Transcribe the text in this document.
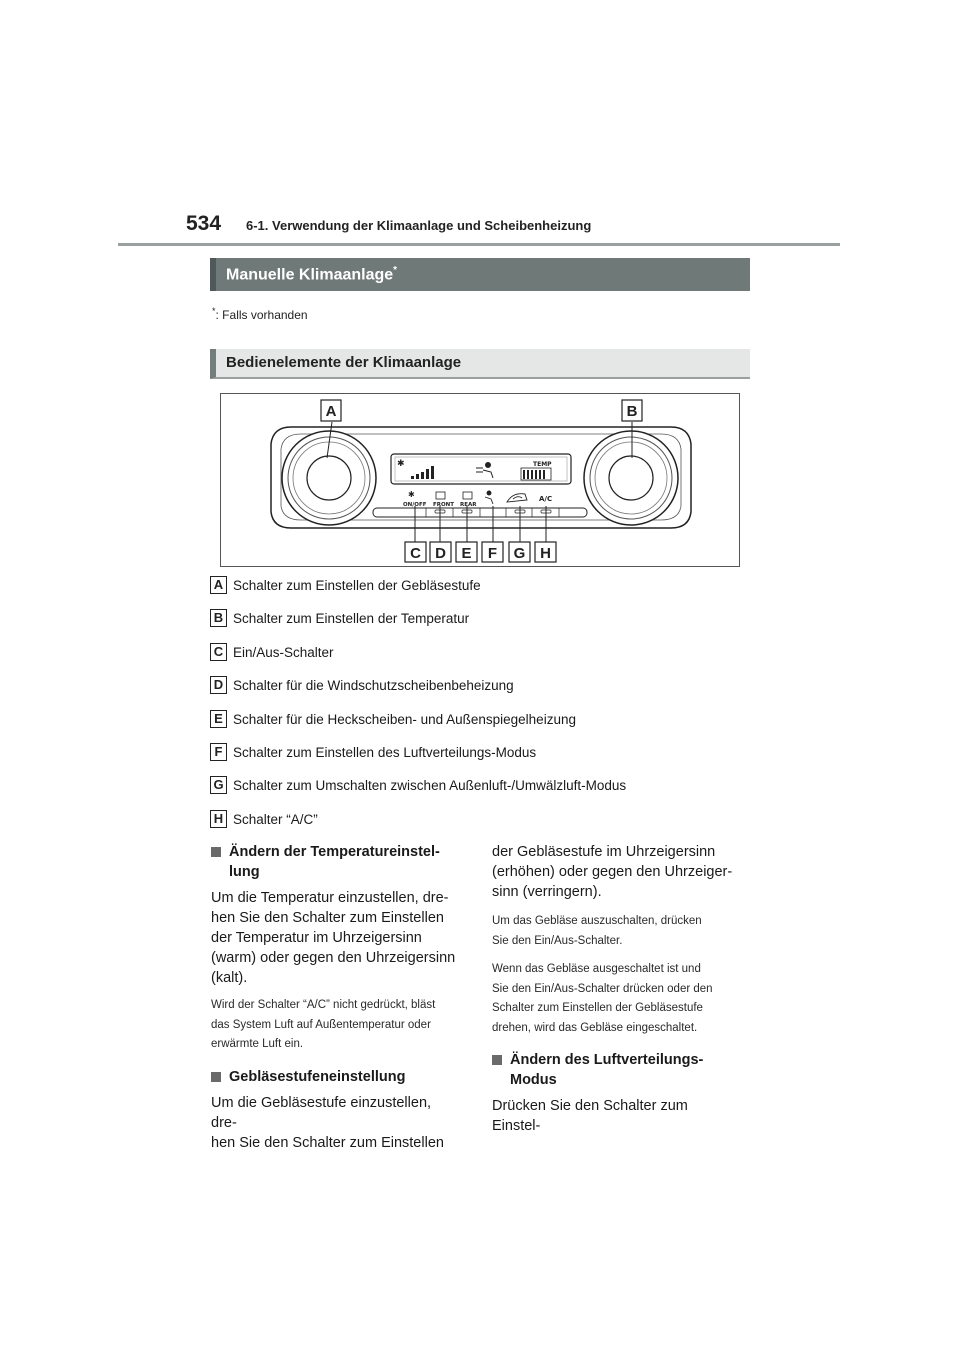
534 6-1. Verwendung der Klimaanlage und Scheibenheizung
Manuelle Klimaanlage*
*: Falls vorhanden
Bedienelemente der Klimaanlage
✱	TEMP
✱
ON/OFF FRONT REAR
A/C
A	B
C D E F G H
A Schalter zum Einstellen der Gebläsestufe
B Schalter zum Einstellen der Temperatur
C Ein/Aus-Schalter
D Schalter für die Windschutzscheibenbeheizung
E Schalter für die Heckscheiben- und Außenspiegelheizung
F Schalter zum Einstellen des Luftverteilungs-Modus
G Schalter zum Umschalten zwischen Außenluft-/Umwälzluft-Modus
H Schalter “A/C”
Ändern der Temperatureinstel-
lung

Um die Temperatur einzustellen, dre-
hen Sie den Schalter zum Einstellen
der Temperatur im Uhrzeigersinn
(warm) oder gegen den Uhrzeigersinn
(kalt).

Wird der Schalter “A/C” nicht gedrückt, bläst
das System Luft auf Außentemperatur oder
erwärmte Luft ein.

Gebläsestufeneinstellung

Um die Gebläsestufe einzustellen, dre-
hen Sie den Schalter zum Einstellen

der Gebläsestufe im Uhrzeigersinn
(erhöhen) oder gegen den Uhrzeiger-
sinn (verringern).

Um das Gebläse auszuschalten, drücken
Sie den Ein/Aus-Schalter.

Wenn das Gebläse ausgeschaltet ist und
Sie den Ein/Aus-Schalter drücken oder den
Schalter zum Einstellen der Gebläsestufe
drehen, wird das Gebläse eingeschaltet.

Ändern des Luftverteilungs-
Modus

Drücken Sie den Schalter zum Einstel-
